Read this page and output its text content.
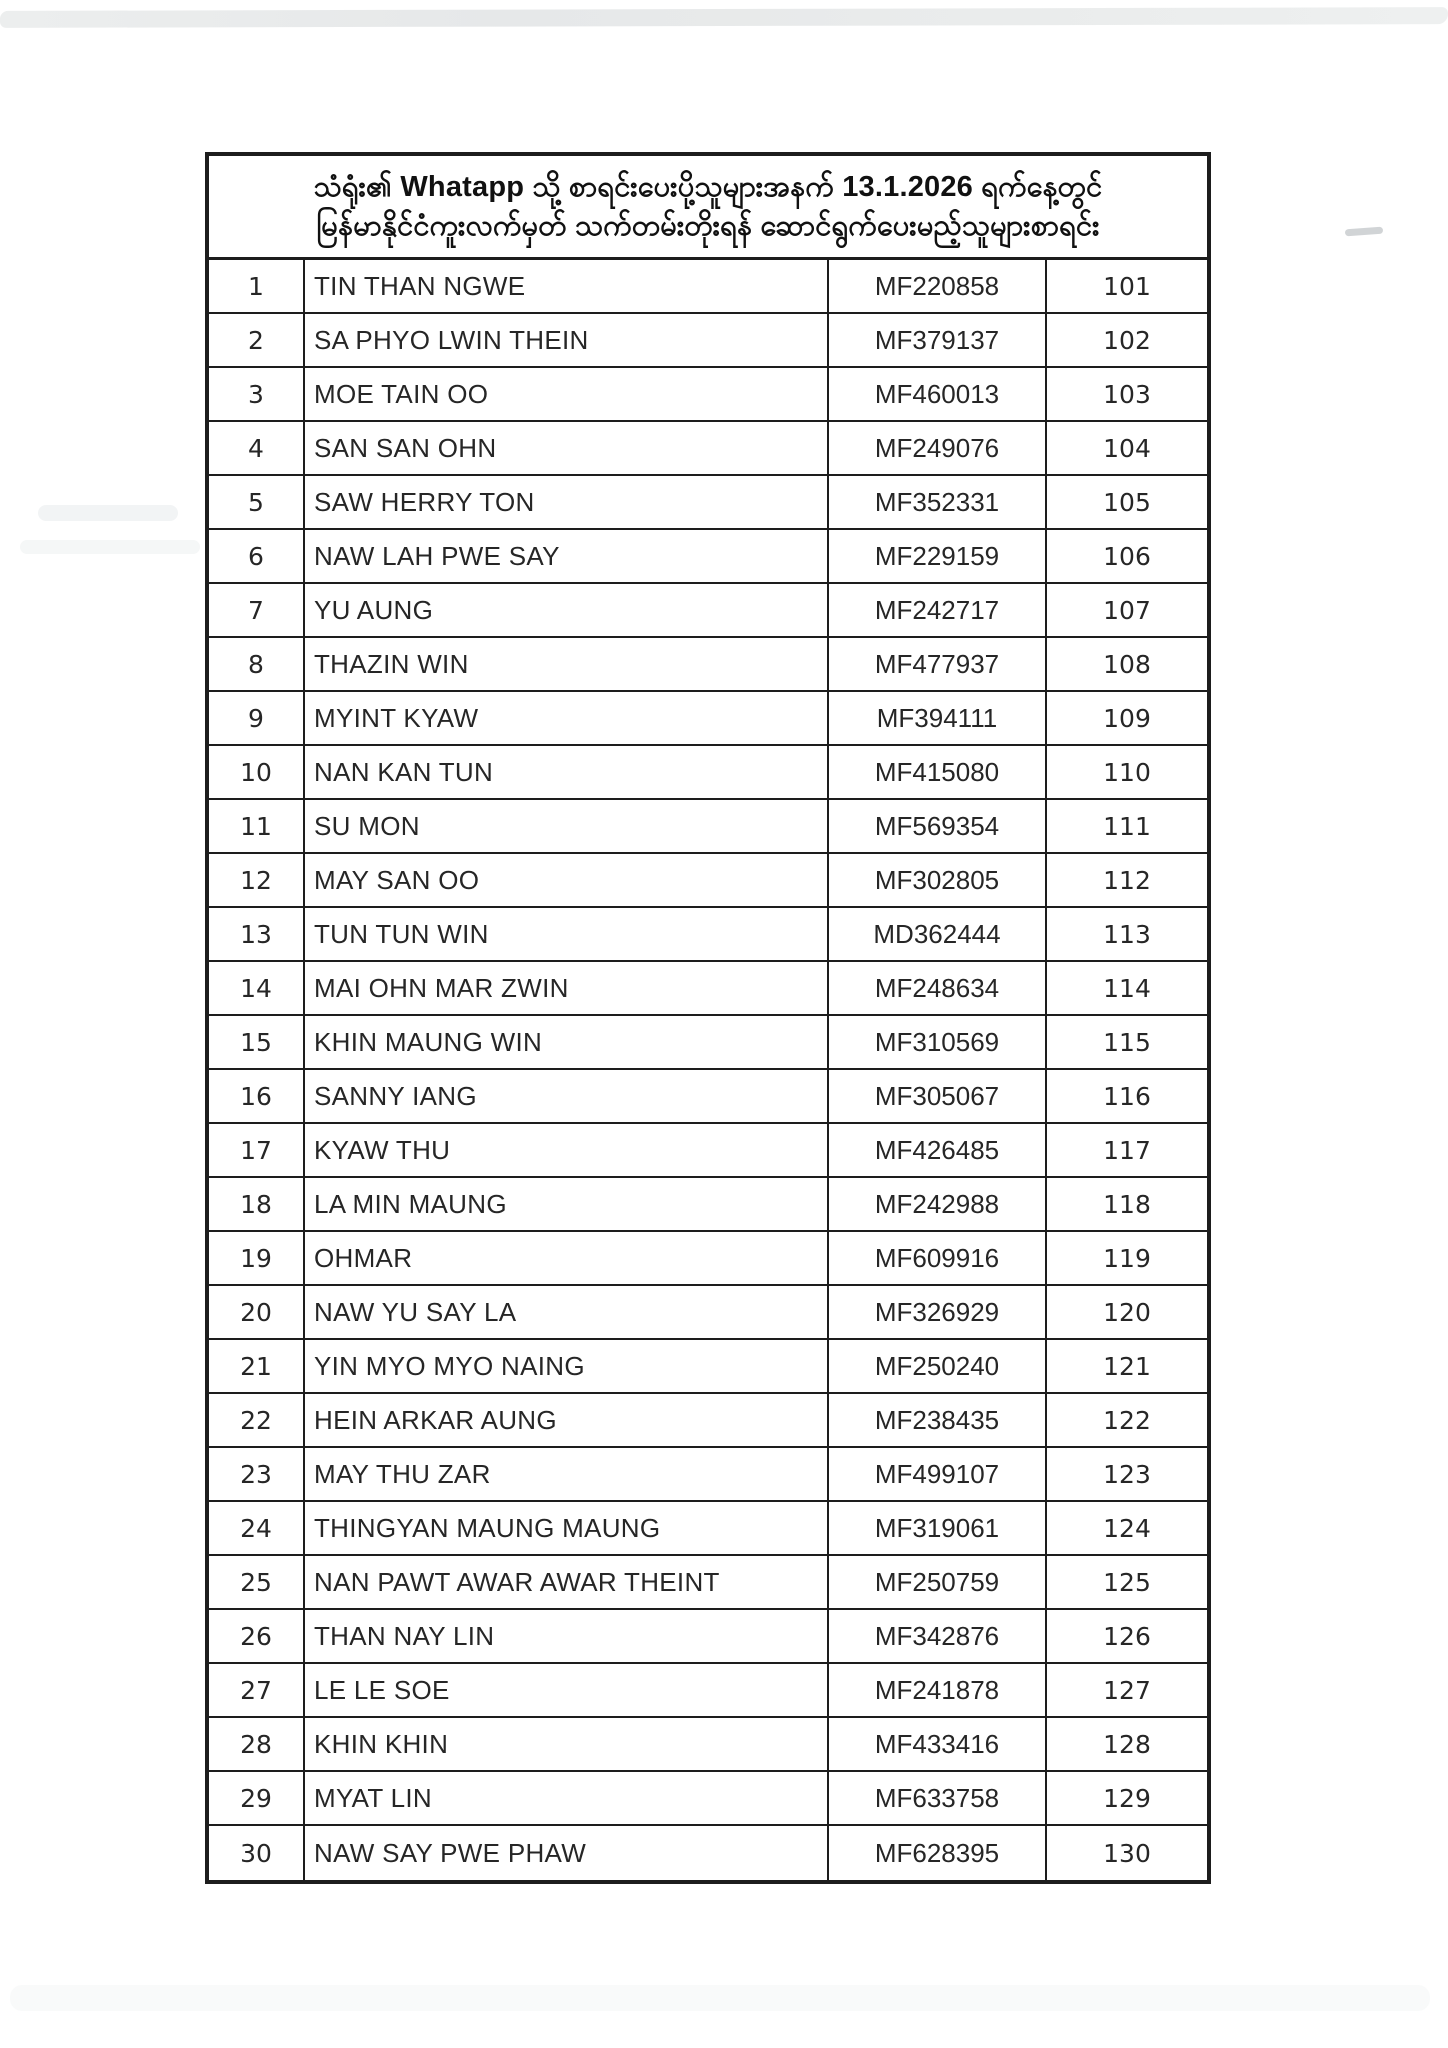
သံရုံး၏ Whatapp သို့ စာရင်းပေးပို့သူများအနက် 13.1.2026 ရက်နေ့တွင်
မြန်မာနိုင်ငံကူးလက်မှတ် သက်တမ်းတိုးရန် ဆောင်ရွက်ပေးမည့်သူများစာရင်း
1	TIN THAN NGWE	MF220858	101
2	SA PHYO LWIN THEIN	MF379137	102
3	MOE TAIN OO	MF460013	103
4	SAN SAN OHN	MF249076	104
5	SAW HERRY TON	MF352331	105
6	NAW LAH PWE SAY	MF229159	106
7	YU AUNG	MF242717	107
8	THAZIN WIN	MF477937	108
9	MYINT KYAW	MF394111	109
10	NAN KAN TUN	MF415080	110
11	SU MON	MF569354	111
12	MAY SAN OO	MF302805	112
13	TUN TUN WIN	MD362444	113
14	MAI OHN MAR ZWIN	MF248634	114
15	KHIN MAUNG WIN	MF310569	115
16	SANNY IANG	MF305067	116
17	KYAW THU	MF426485	117
18	LA MIN MAUNG	MF242988	118
19	OHMAR	MF609916	119
20	NAW YU SAY LA	MF326929	120
21	YIN MYO MYO NAING	MF250240	121
22	HEIN ARKAR AUNG	MF238435	122
23	MAY THU ZAR	MF499107	123
24	THINGYAN MAUNG MAUNG	MF319061	124
25	NAN PAWT AWAR AWAR THEINT	MF250759	125
26	THAN NAY LIN	MF342876	126
27	LE LE SOE	MF241878	127
28	KHIN KHIN	MF433416	128
29	MYAT LIN	MF633758	129
30	NAW SAY PWE PHAW	MF628395	130
